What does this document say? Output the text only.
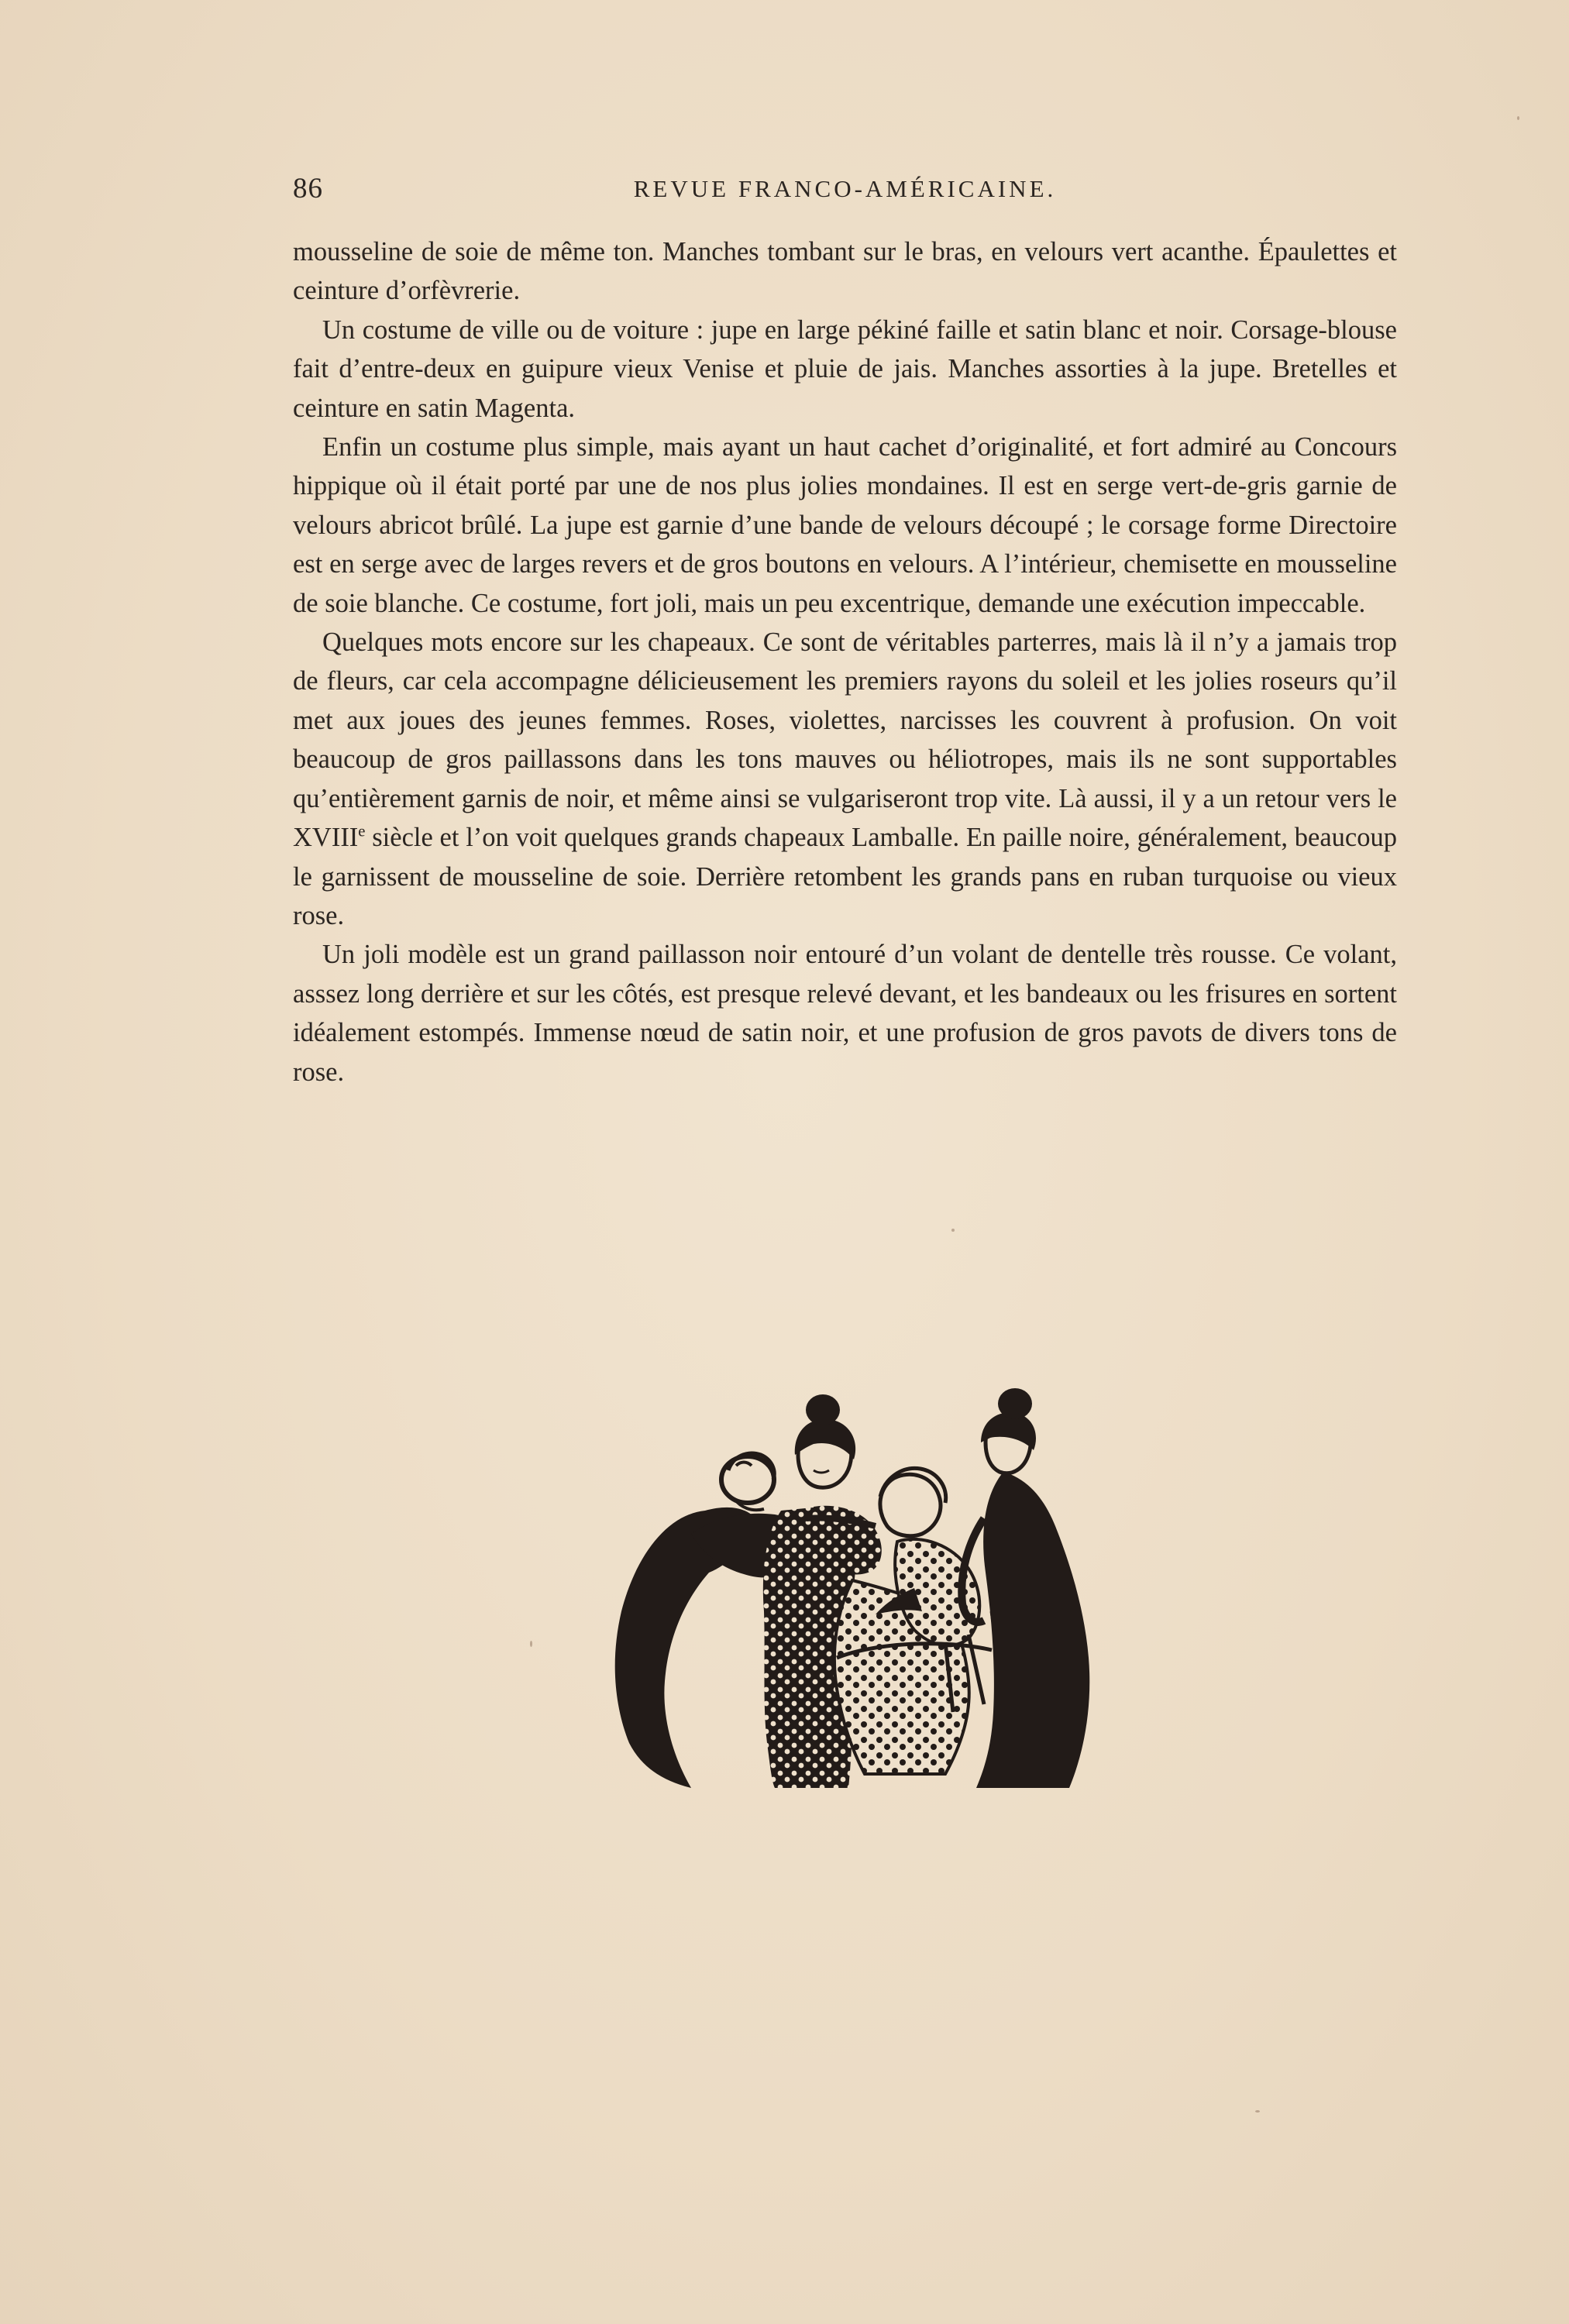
86	REVUE FRANCO-AMÉRICAINE.

mousseline de soie de même ton. Manches tombant sur le bras, en velours vert acanthe. Épaulettes et ceinture d’orfèvrerie.

Un costume de ville ou de voiture : jupe en large pékiné faille et satin blanc et noir. Corsage-blouse fait d’entre-deux en guipure vieux Venise et pluie de jais. Manches assorties à la jupe. Bretelles et ceinture en satin Magenta.

Enfin un costume plus simple, mais ayant un haut cachet d’originalité, et fort admiré au Concours hippique où il était porté par une de nos plus jolies mondaines. Il est en serge vert-de-gris garnie de velours abricot brûlé. La jupe est garnie d’une bande de velours découpé ; le corsage forme Directoire est en serge avec de larges revers et de gros boutons en velours. A l’intérieur, chemisette en mousseline de soie blanche. Ce costume, fort joli, mais un peu excentrique, demande une exécution impeccable.

Quelques mots encore sur les chapeaux. Ce sont de véritables parterres, mais là il n’y a jamais trop de fleurs, car cela accompagne délicieusement les premiers rayons du soleil et les jolies roseurs qu’il met aux joues des jeunes femmes. Roses, violettes, narcisses les couvrent à profusion. On voit beaucoup de gros paillassons dans les tons mauves ou héliotropes, mais ils ne sont supportables qu’entièrement garnis de noir, et même ainsi se vulgariseront trop vite. Là aussi, il y a un retour vers le XVIIIe siècle et l’on voit quelques grands chapeaux Lamballe. En paille noire, généralement, beaucoup le garnissent de mousseline de soie. Derrière retombent les grands pans en ruban turquoise ou vieux rose.

Un joli modèle est un grand paillasson noir entouré d’un volant de dentelle très rousse. Ce volant, asssez long derrière et sur les côtés, est presque relevé devant, et les bandeaux ou les frisures en sortent idéalement estompés. Immense nœud de satin noir, et une profusion de gros pavots de divers tons de rose.
